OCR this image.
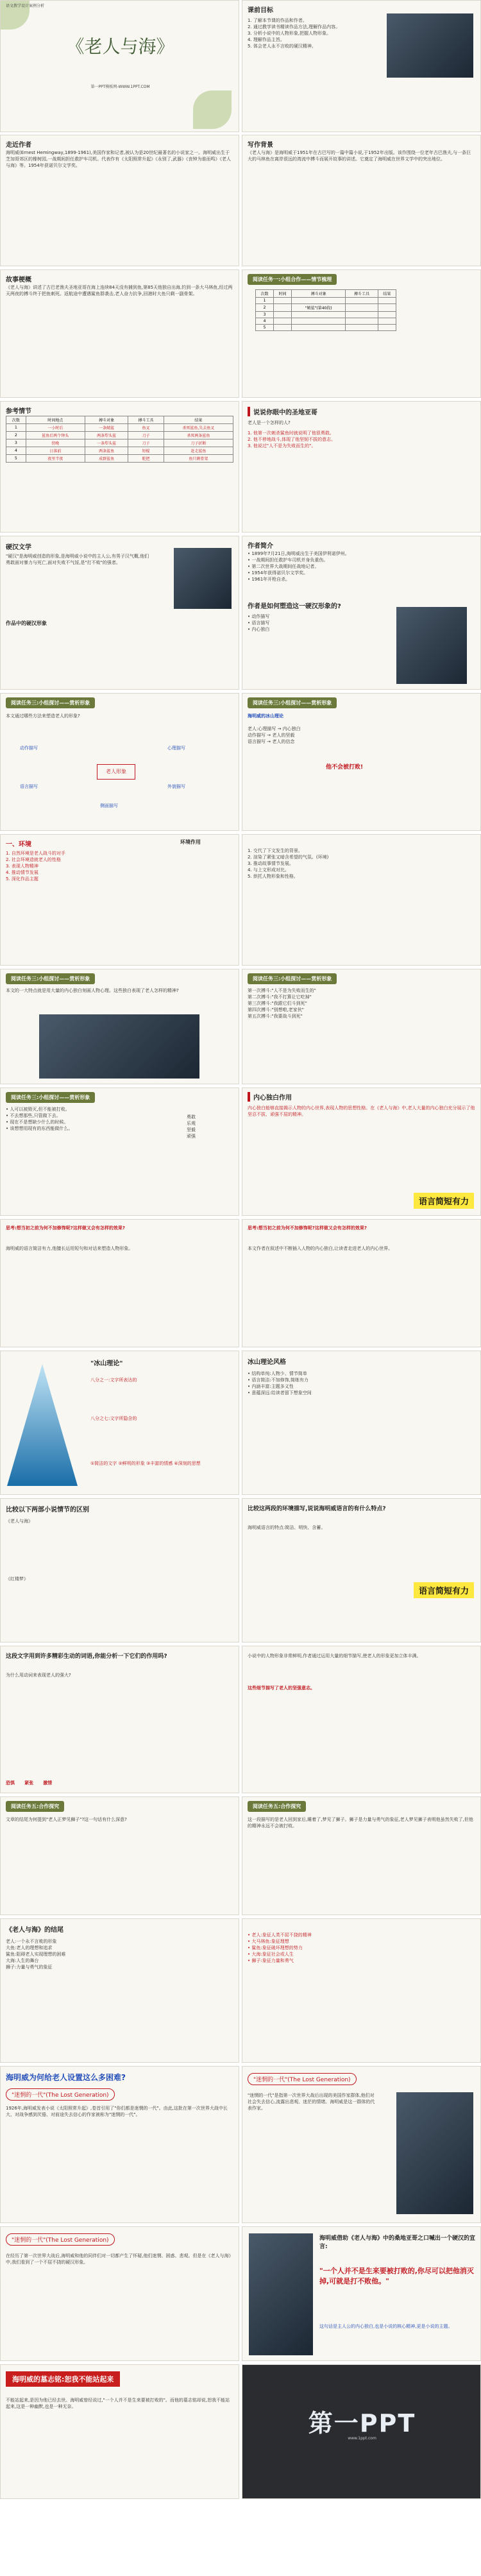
语文教学设计案例分析
《老人与海》
第一PPT模板网-WWW.1PPT.COM
课前目标
1. 了解本节课的作品和作者。
2. 通过教学读书精读作品方法,理解作品内容。
3. 分析小说中的人物形象,把握人物形象。
4. 理解作品主旨。
5. 体会老人永不言败的硬汉精神。
走近作者
海明威(Ernest Hemingway,1899-1961),美国作家和记者,被认为是20世纪最著名的小说家之一。海明威出生于芝加哥郊区的橡树园,一战期间担任救护车司机。代表作有《太阳照常升起》《永别了,武器》《丧钟为谁而鸣》《老人与海》等。1954年获诺贝尔文学奖。
写作背景
《老人与海》是海明威于1951年在古巴写的一篇中篇小说,于1952年出版。该作围绕一位老年古巴渔夫,与一条巨大的马林鱼在离岸很远的湾流中搏斗而展开故事的讲述。它奠定了海明威在世界文学中的突出地位。
故事梗概
《老人与海》讲述了古巴老渔夫圣地亚哥在海上连续84天没有捕到鱼,第85天他独自出海,钓到一条大马林鱼,经过两天两夜的搏斗终于把鱼刺死。返航途中遭遇鲨鱼群袭击,老人奋力抗争,回港时大鱼只剩一副骨架。
阅读任务一:小组合作——情节梳理
次数	时间	搏斗对象	搏斗工具	结果
1				
2		"鲭鲨"(第40段)		
3				
4				
5				
参考情节
次数	时间地点	搏斗对象	搏斗工具	结果
1	一小时后	一条鲭鲨	鱼叉	杀死鲨鱼,失去鱼叉
2	鲨鱼后两个钟头	两条犁头鲨	刀子	杀死两条鲨鱼
3	傍晚	一条犁头鲨	刀子	刀子折断
4	日落前	两条鲨鱼	短棍	赶走鲨鱼
5	夜里半夜	成群鲨鱼	舵把	鱼只剩骨架
说说你眼中的圣地亚哥
老人是一个怎样的人?
1. 他第一次刺杀鲨鱼时就说明了他很勇敢。
2. 他不停地战斗,体现了他坚韧不拔的意志。
3. 他说过"人不是为失败而生的"。
硬汉文学
"硬汉"是海明威创造的形象,是海明威小说中的主人公,有男子汉气概,他们勇敢面对暴力与死亡,面对失败不气馁,是"打不败"的强者。
作品中的硬汉形象
作者简介
• 1899年7月21日,海明威出生于美国伊利诺伊州。
• 一战期间担任救护车司机并身负重伤。
• 第二次世界大战期间任战地记者。
• 1954年获得诺贝尔文学奖。
• 1961年开枪自杀。
作者是如何塑造这一硬汉形象的?
• 动作描写
• 语言描写
• 内心独白
阅读任务三:小组探讨——赏析形象
本文通过哪些方法来塑造老人的形象?
老人形象
动作描写
语言描写
心理描写
外貌描写
侧面描写
阅读任务三:小组探讨——赏析形象
海明威的冰山理论
老人:心理描写 → 内心独白
动作描写 → 老人的坚毅
语言描写 → 老人的信念
他不会被打败!
一、环境
1. 自然环境是老人战斗的对手
2. 社会环境造就老人的性格
3. 表现人物精神
4. 推动情节发展
5. 深化作品主题
环境作用
1. 交代了下文发生的背景。
2. 渲染了紧张又暗含希望的气氛。(环境)
3. 推动故事情节发展。
4. 与上文形成对比。
5. 烘托人物形象和性格。
阅读任务三:小组探讨——赏析形象
本文的一大特点就是用大量的内心独白刻画人物心理。这些独白表现了老人怎样的精神?
阅读任务三:小组探讨——赏析形象
第一次搏斗:"人不是为失败而生的"
第二次搏斗:"我不打算让它吃掉"
第三次搏斗:"我跟它们斗到死"
第四次搏斗:"别想啦,老家伙"
第五次搏斗:"我要战斗到死"
阅读任务三:小组探讨——赏析形象
• 人可以被毁灭,但不能被打败。
• 不去想那些,只管做下去。
• 现在不是想缺少什么的时候。
• 该想想用现有的东西能做什么。
勇敢
乐观
坚毅
顽强
内心独白作用
内心独白能够直接揭示人物的内心世界,表现人物的思想性格。在《老人与海》中,老人大量的内心独白充分展示了他坚忍不拔、顽强不屈的精神。
语言简短有力
思考:想当初之前为何不加修饰呢?这样做又会有怎样的效果?
海明威的语言简洁有力,他擅长运用短句和对话来塑造人物形象。
思考:想当初之前为何不加修饰呢?这样做又会有怎样的效果?
本文作者在叙述中不断插入人物的内心独白,让读者走进老人的内心世界。
"冰山理论"
八分之一:文字所表达的
八分之七:文字所隐含的
①简洁的文字 ②鲜明的形象 ③丰富的情感 ④深刻的思想
冰山理论风格
• 结构单纯:人物少、情节简单
• 语言简洁:不加修饰,简练有力
• 内涵丰富:主题多义性
• 意蕴深远:给读者留下想象空间
比较以下两部小说情节的区别
《老人与海》
《红楼梦》
比较这两段的环境描写,说说海明威语言的有什么特点?
海明威语言的特点:简洁、明快、含蓄。
语言简短有力
这段文字用到许多精彩生动的词语,你能分析一下它们的作用吗?
为什么用动词来表现老人的强大?
恐惧 紧张 激情
小说中的人物形象非常鲜明,作者通过运用大量的细节描写,使老人的形象更加立体丰满。
这些细节描写了老人的坚强意志。
阅读任务五:合作探究
文章的结尾为何提到"老人正梦见狮子"?这一句话有什么深意?
阅读任务五:合作探究
这一段描写的是老人回到家后,睡着了,梦见了狮子。狮子是力量与勇气的象征,老人梦见狮子表明他虽然失败了,但他的精神永远不会被打败。
《老人与海》的结尾
老人:一个永不言败的形象
大鱼:老人的理想和追求
鲨鱼:阻碍老人实现理想的困难
大海:人生的舞台
狮子:力量与勇气的象征
• 老人:象征人类不屈不挠的精神
• 大马林鱼:象征理想
• 鲨鱼:象征破坏理想的势力
• 大海:象征社会或人生
• 狮子:象征力量和勇气
海明威为何给老人设置这么多困难?
"迷惘的一代"(The Lost Generation)
1926年,海明威发表小说《太阳照常升起》,卷首引用了"你们都是迷惘的一代"。由此,这批在第一次世界大战中长大、对战争感到厌倦、对前途失去信心的作家被称为"迷惘的一代"。
"迷惘的一代"(The Lost Generation)
"迷惘的一代"是指第一次世界大战后出现的美国作家群体,他们对社会失去信心,流露出悲观、迷茫的情绪。海明威是这一群体的代表作家。
"迷惘的一代"(The Lost Generation)
在经历了第一次世界大战后,海明威和他的同伴们对一切都产生了怀疑,他们迷惘、困惑、悲观。但是在《老人与海》中,我们看到了一个不屈不挠的硬汉形象。
海明威借助《老人与海》中的桑地亚哥之口喊出一个硬汉的宣言:
"一个人并不是生来要被打败的,你尽可以把他消灭掉,可就是打不败他。"
这句话是主人公的内心独白,也是小说的核心精神,更是小说的主题。
海明威的墓志铭:恕我不能站起来
不能站起来,是因为他已经去世。海明威曾经说过,"一个人并不是生来要被打败的"。而他的墓志铭却说,恕我不能站起来,这是一种幽默,也是一种无奈。
第一PPT
www.1ppt.com
